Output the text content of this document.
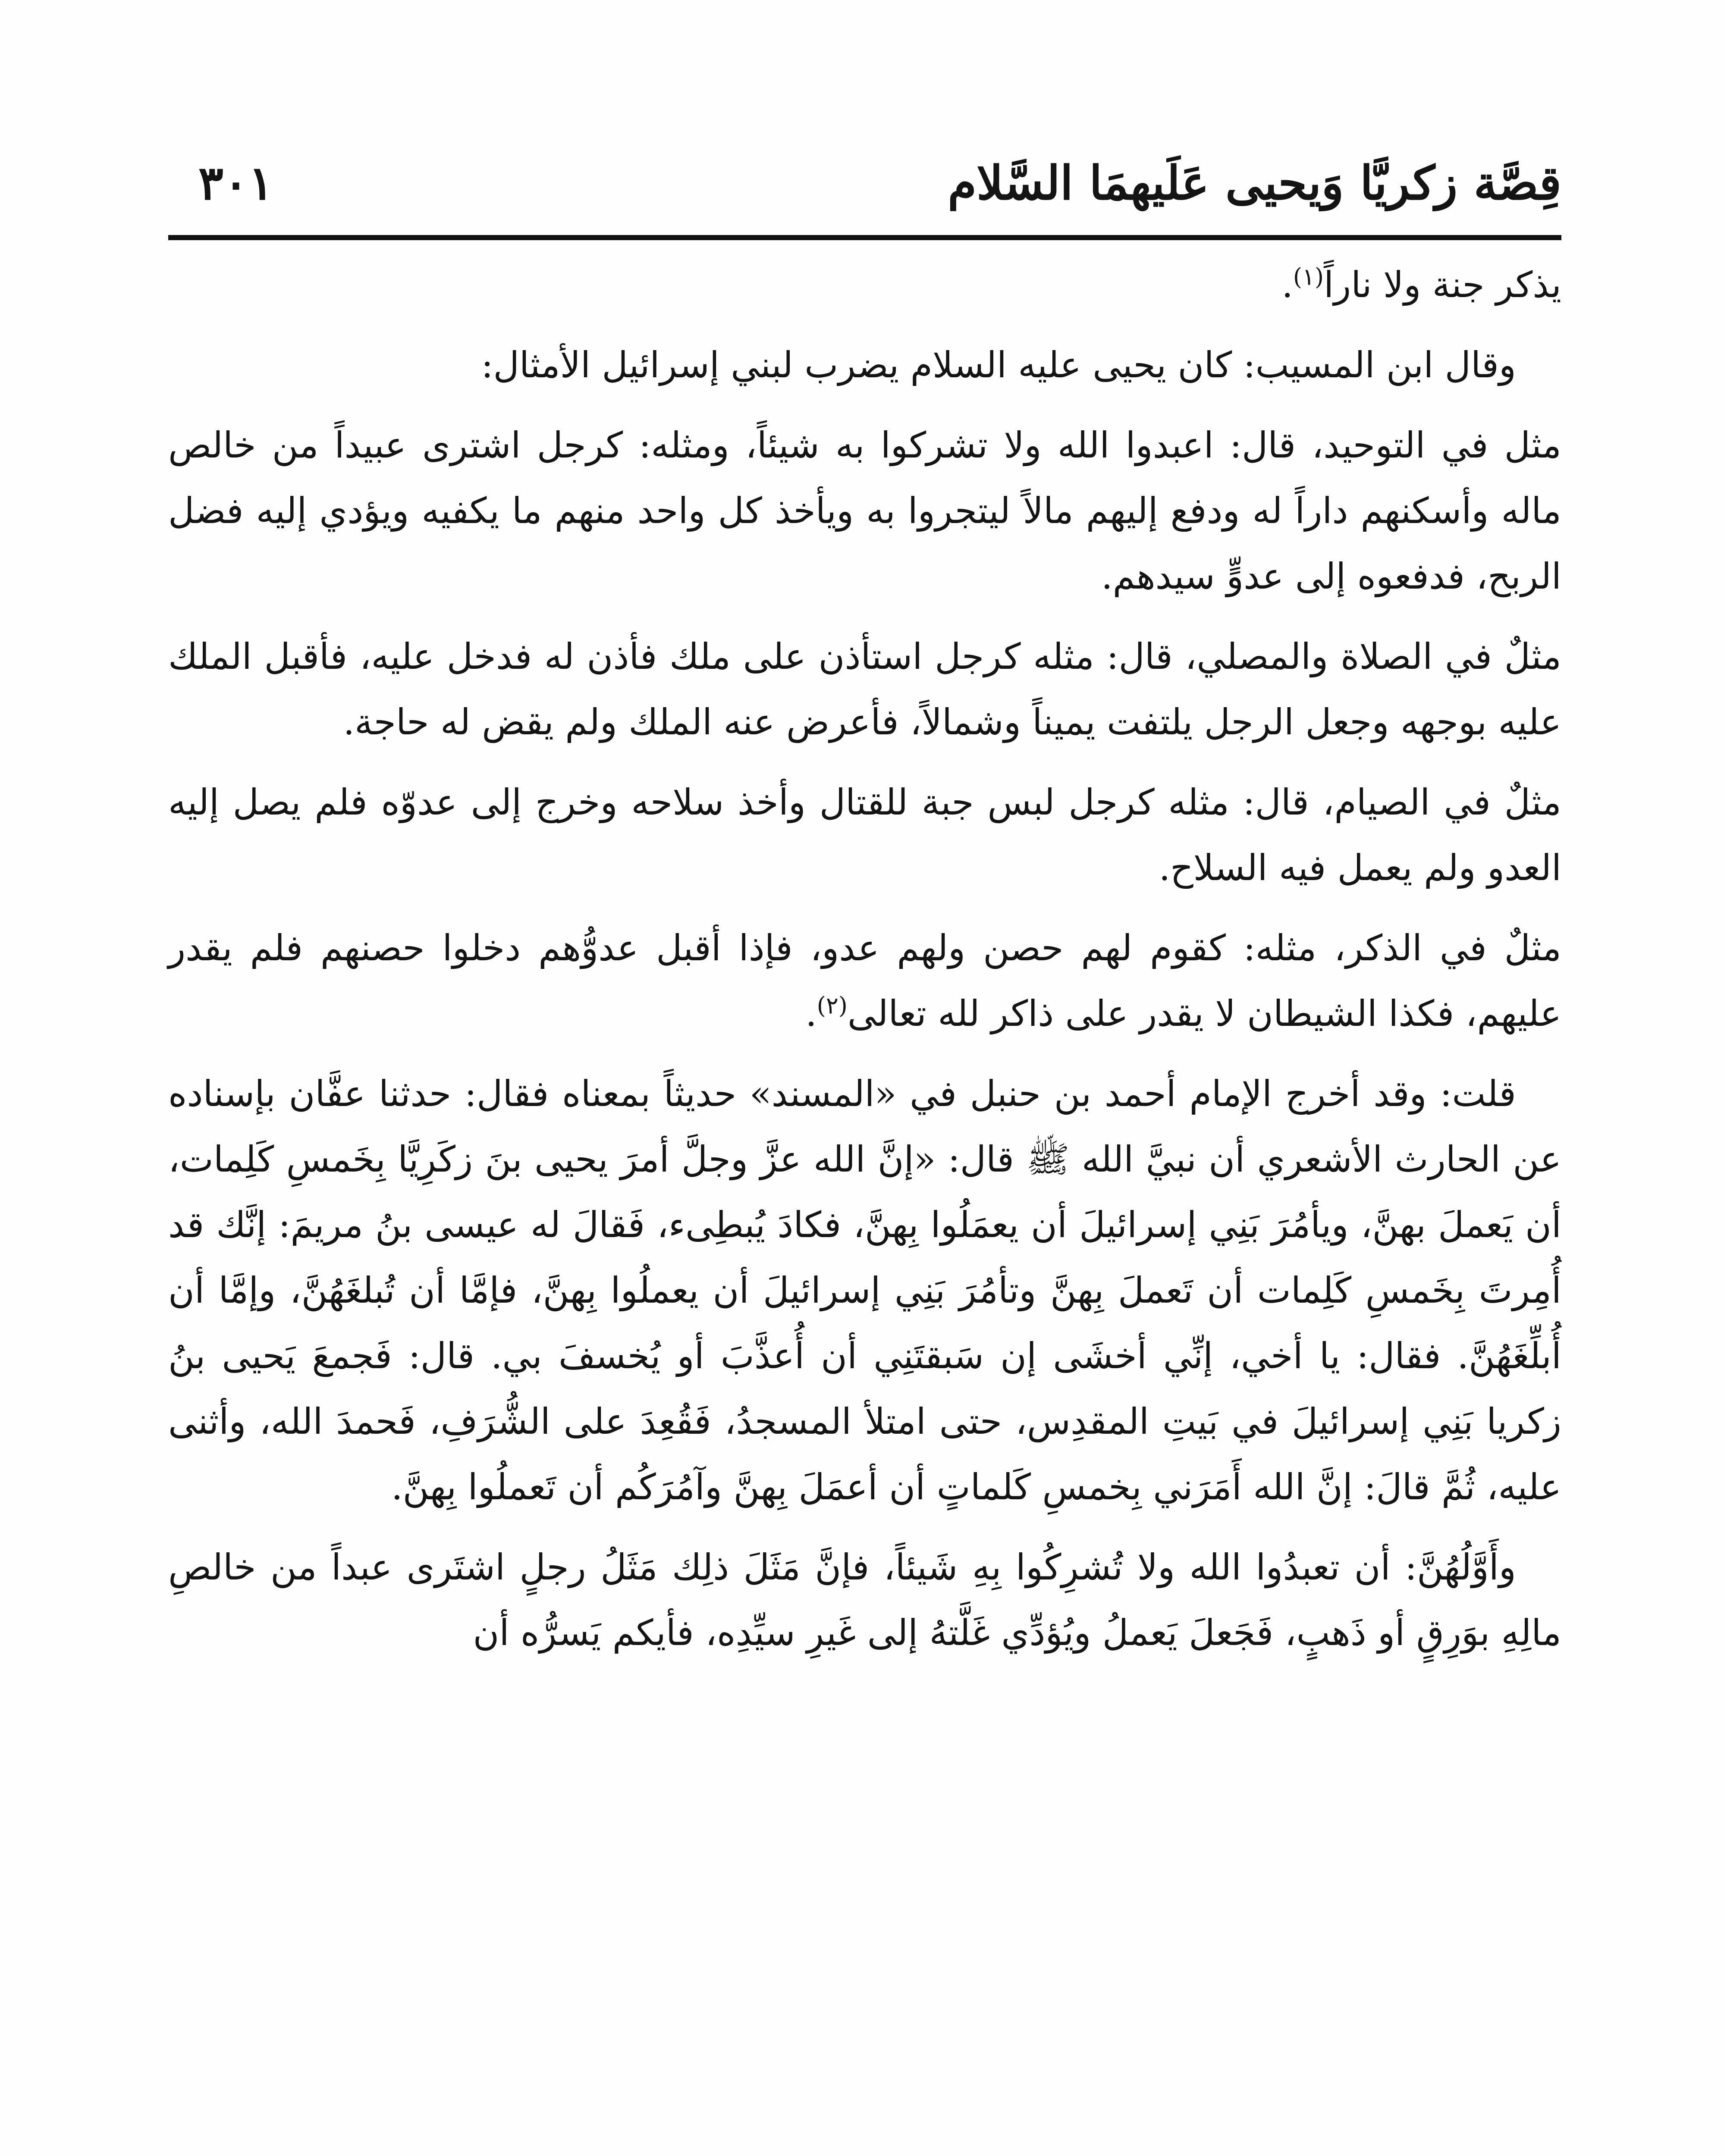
قِصَّة زكريَّا وَيحيى عَلَيهمَا السَّلام
٣٠١

يذكر جنة ولا ناراً$^{(١)}$.

وقال ابن المسيب: كان يحيى عليه السلام يضرب لبني إسرائيل الأمثال:

مثل في التوحيد، قال: اعبدوا الله ولا تشركوا به شيئاً، ومثله: كرجل اشترى عبيداً من خالص ماله وأسكنهم داراً له ودفع إليهم مالاً ليتجروا به ويأخذ كل واحد منهم ما يكفيه ويؤدي إليه فضل الربح، فدفعوه إلى عدوٍّ سيدهم.

مثلٌ في الصلاة والمصلي، قال: مثله كرجل استأذن على ملك فأذن له فدخل عليه، فأقبل الملك عليه بوجهه وجعل الرجل يلتفت يميناً وشمالاً، فأعرض عنه الملك ولم يقض له حاجة.

مثلٌ في الصيام، قال: مثله كرجل لبس جبة للقتال وأخذ سلاحه وخرج إلى عدوّه فلم يصل إليه العدو ولم يعمل فيه السلاح.

مثلٌ في الذكر، مثله: كقوم لهم حصن ولهم عدو، فإذا أقبل عدوُّهم دخلوا حصنهم فلم يقدر عليهم، فكذا الشيطان لا يقدر على ذاكر لله تعالى$^{(٢)}$.

قلت: وقد أخرج الإمام أحمد بن حنبل في «المسند» حديثاً بمعناه فقال: حدثنا عفَّان بإسناده عن الحارث الأشعري أن نبيَّ الله ﷺ قال: «إنَّ الله عزَّ وجلَّ أمرَ يحيى بنَ زكَرِيَّا بِخَمسِ كَلِمات، أن يَعملَ بهنَّ، ويأمُرَ بَنِي إسرائيلَ أن يعمَلُوا بِهنَّ، فكادَ يُبطِىء، فَقالَ له عيسى بنُ مريمَ: إنَّك قد أُمِرتَ بِخَمسِ كَلِمات أن تَعملَ بِهنَّ وتأمُرَ بَنِي إسرائيلَ أن يعملُوا بِهنَّ، فإمَّا أن تُبلغَهُنَّ، وإمَّا أن أُبلِّغَهُنَّ. فقال: يا أخي، إنِّي أخشَى إن سَبقتَنِي أن أُعذَّبَ أو يُخسفَ بي. قال: فَجمعَ يَحيى بنُ زكريا بَنِي إسرائيلَ في بَيتِ المقدِس، حتى امتلأ المسجدُ، فَقُعِدَ على الشُّرَفِ، فَحمدَ الله، وأثنى عليه، ثُمَّ قالَ: إنَّ الله أَمَرَني بِخمسِ كَلماتٍ أن أعمَلَ بِهنَّ وآمُرَكُم أن تَعملُوا بِهنَّ.

وأَوَّلُهُنَّ: أن تعبدُوا الله ولا تُشرِكُوا بِهِ شَيئاً، فإنَّ مَثَلَ ذلِك مَثَلُ رجلٍ اشتَرى عبداً من خالصِ مالِهِ بوَرِقٍ أو ذَهبٍ، فَجَعلَ يَعملُ ويُؤدِّي غَلَّتهُ إلى غَيرِ سيِّدِه، فأيكم يَسرُّه أن
